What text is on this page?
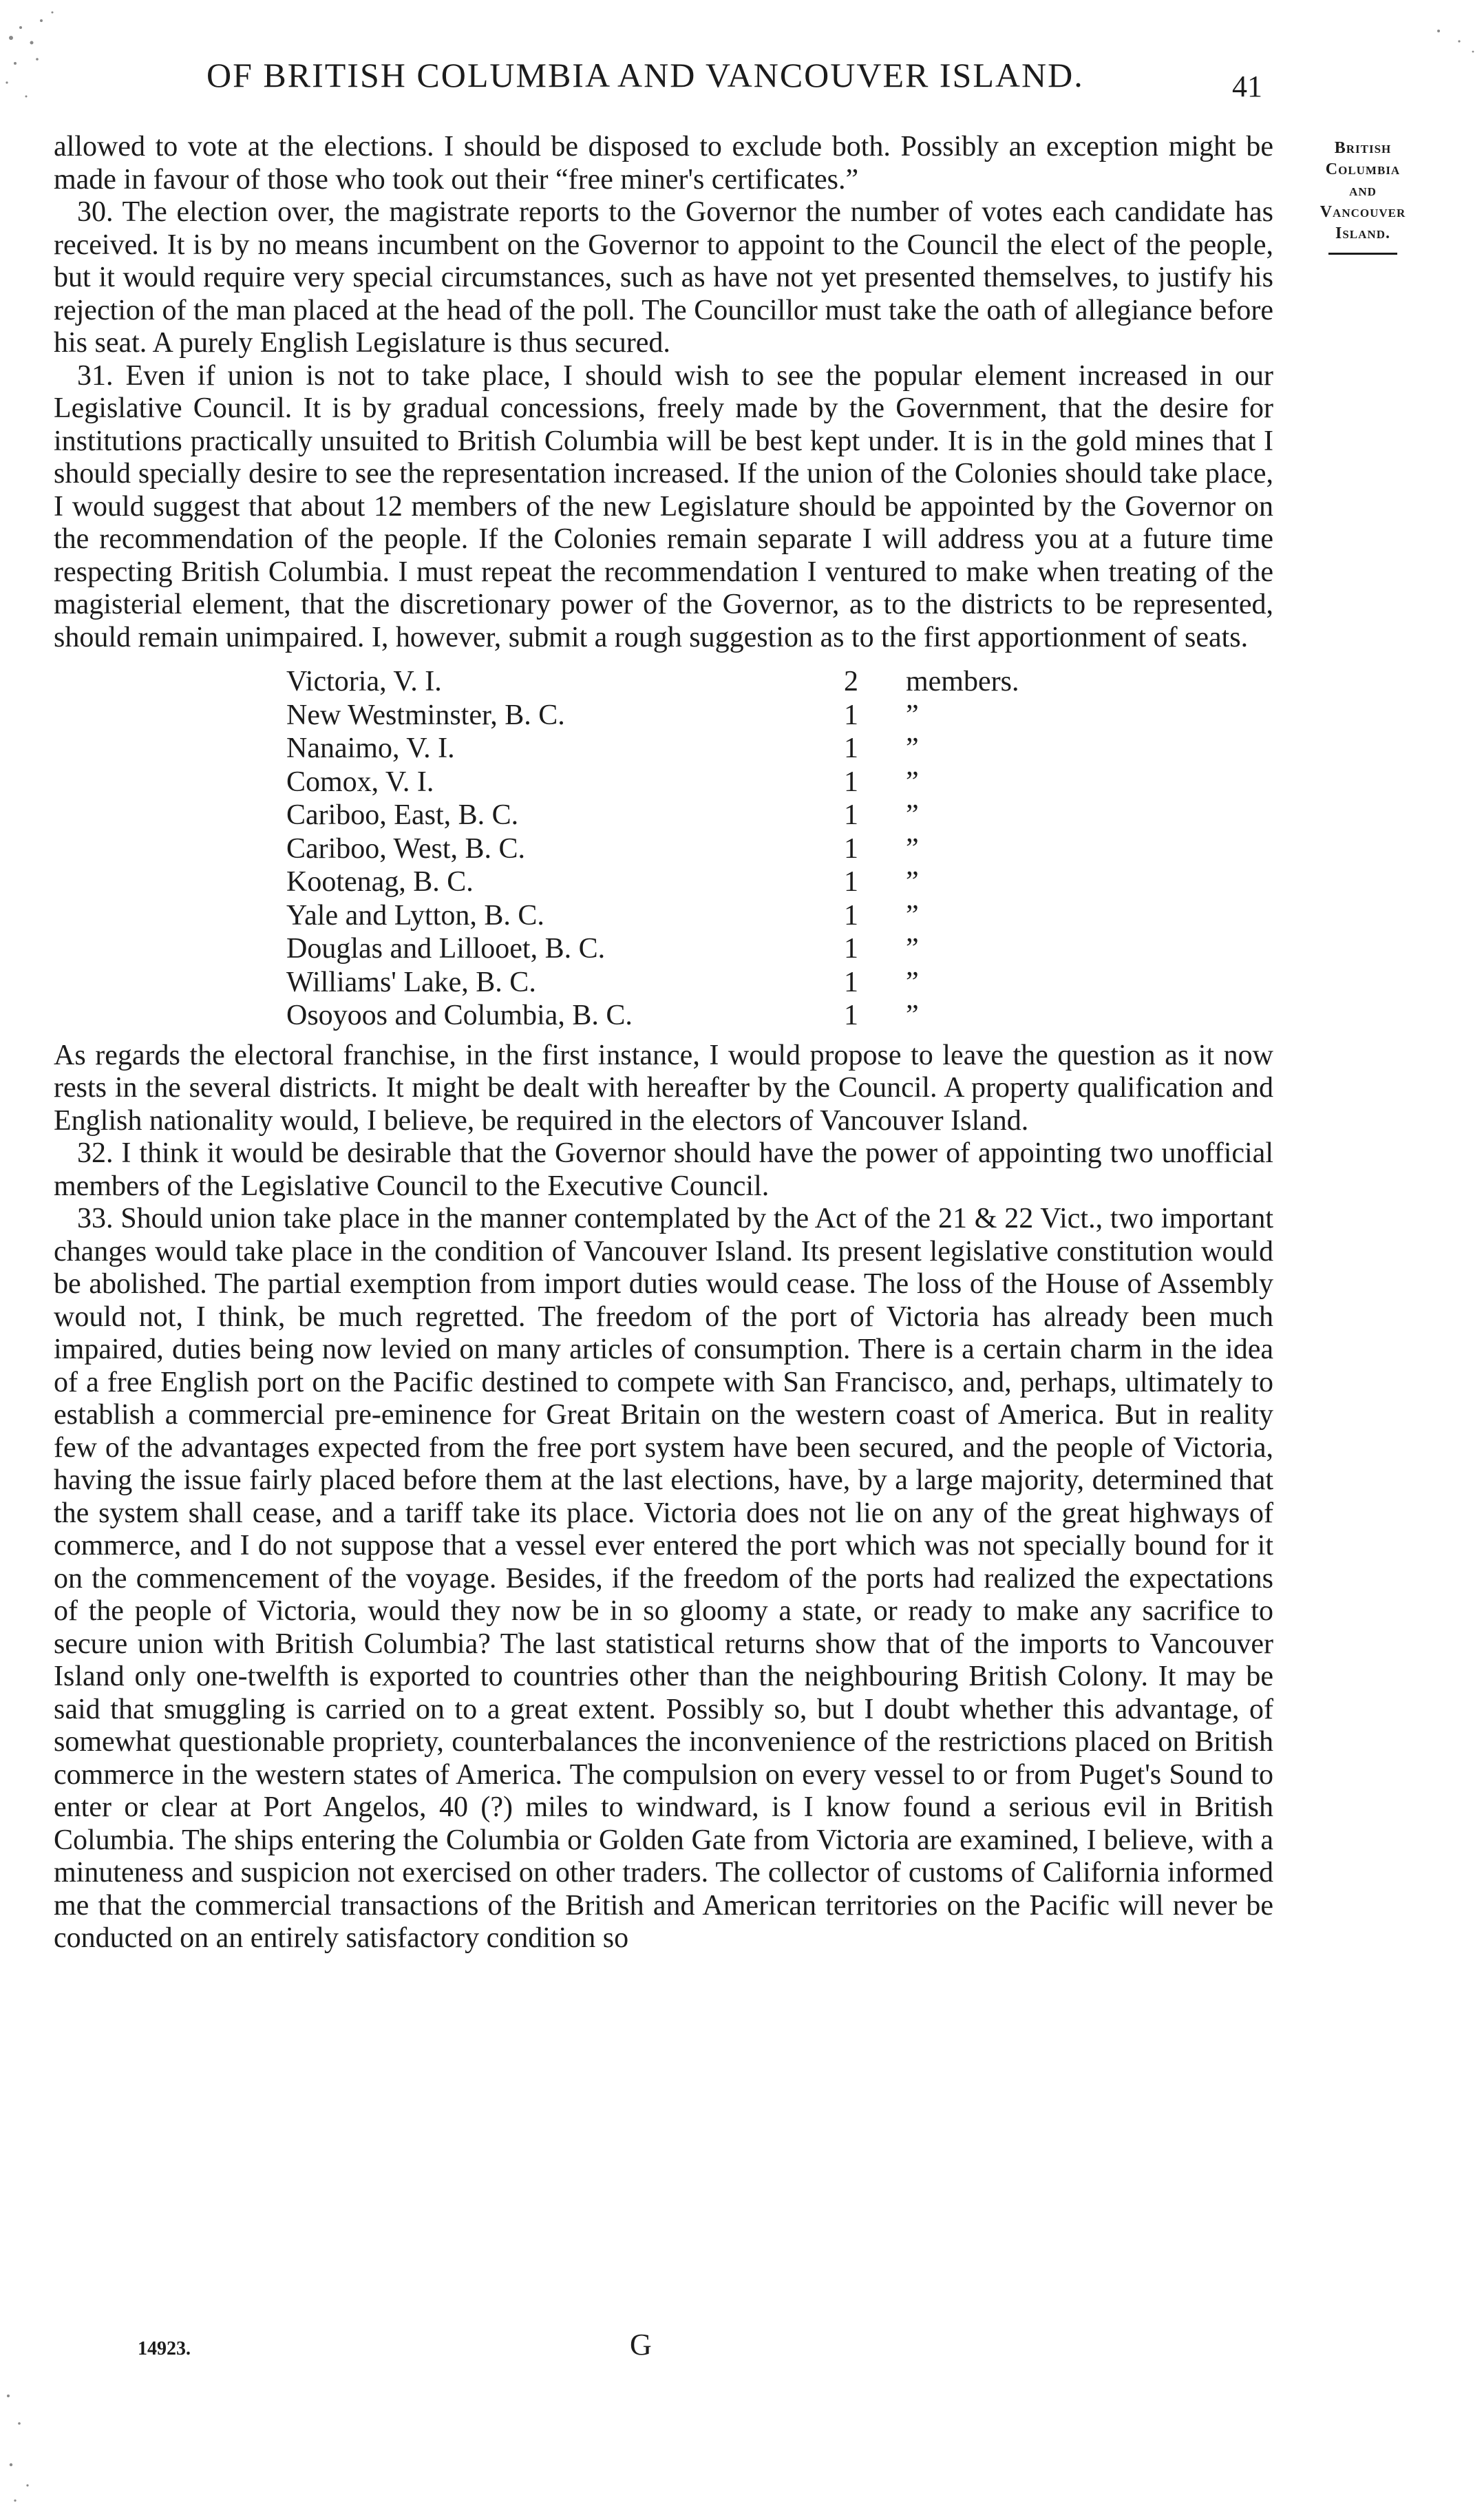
OF BRITISH COLUMBIA AND VANCOUVER ISLAND.	41
British
Columbia
and
Vancouver
Island.

allowed to vote at the elections. I should be disposed to exclude both. Possibly an exception might be made in favour of those who took out their “free miner's certificates.”

30. The election over, the magistrate reports to the Governor the number of votes each candidate has received. It is by no means incumbent on the Governor to appoint to the Council the elect of the people, but it would require very special circumstances, such as have not yet presented themselves, to justify his rejection of the man placed at the head of the poll. The Councillor must take the oath of allegiance before his seat. A purely English Legislature is thus secured.

31. Even if union is not to take place, I should wish to see the popular element increased in our Legislative Council. It is by gradual concessions, freely made by the Government, that the desire for institutions practically unsuited to British Columbia will be best kept under. It is in the gold mines that I should specially desire to see the representation increased. If the union of the Colonies should take place, I would suggest that about 12 members of the new Legislature should be appointed by the Governor on the recommendation of the people. If the Colonies remain separate I will address you at a future time respecting British Columbia. I must repeat the recommendation I ventured to make when treating of the magisterial element, that the discretionary power of the Governor, as to the districts to be represented, should remain unimpaired. I, however, submit a rough suggestion as to the first apportionment of seats.

Victoria, V. I.	2	members.
New Westminster, B. C.	1	”
Nanaimo, V. I.	1	”
Comox, V. I.	1	”
Cariboo, East, B. C.	1	”
Cariboo, West, B. C.	1	”
Kootenag, B. C.	1	”
Yale and Lytton, B. C.	1	”
Douglas and Lillooet, B. C.	1	”
Williams' Lake, B. C.	1	”
Osoyoos and Columbia, B. C.	1	”

As regards the electoral franchise, in the first instance, I would propose to leave the question as it now rests in the several districts. It might be dealt with hereafter by the Council. A property qualification and English nationality would, I believe, be required in the electors of Vancouver Island.

32. I think it would be desirable that the Governor should have the power of appointing two unofficial members of the Legislative Council to the Executive Council.

33. Should union take place in the manner contemplated by the Act of the 21 & 22 Vict., two important changes would take place in the condition of Vancouver Island. Its present legislative constitution would be abolished. The partial exemption from import duties would cease. The loss of the House of Assembly would not, I think, be much regretted. The freedom of the port of Victoria has already been much impaired, duties being now levied on many articles of consumption. There is a certain charm in the idea of a free English port on the Pacific destined to compete with San Francisco, and, perhaps, ultimately to establish a commercial pre-eminence for Great Britain on the western coast of America. But in reality few of the advantages expected from the free port system have been secured, and the people of Victoria, having the issue fairly placed before them at the last elections, have, by a large majority, determined that the system shall cease, and a tariff take its place. Victoria does not lie on any of the great highways of commerce, and I do not suppose that a vessel ever entered the port which was not specially bound for it on the commencement of the voyage. Besides, if the freedom of the ports had realized the expectations of the people of Victoria, would they now be in so gloomy a state, or ready to make any sacrifice to secure union with British Columbia? The last statistical returns show that of the imports to Vancouver Island only one-twelfth is exported to countries other than the neighbouring British Colony. It may be said that smuggling is carried on to a great extent. Possibly so, but I doubt whether this advantage, of somewhat questionable propriety, counterbalances the inconvenience of the restrictions placed on British commerce in the western states of America. The compulsion on every vessel to or from Puget's Sound to enter or clear at Port Angelos, 40 (?) miles to windward, is I know found a serious evil in British Columbia. The ships entering the Columbia or Golden Gate from Victoria are examined, I believe, with a minuteness and suspicion not exercised on other traders. The collector of customs of California informed me that the commercial transactions of the British and American territories on the Pacific will never be conducted on an entirely satisfactory condition so

14923.	G
